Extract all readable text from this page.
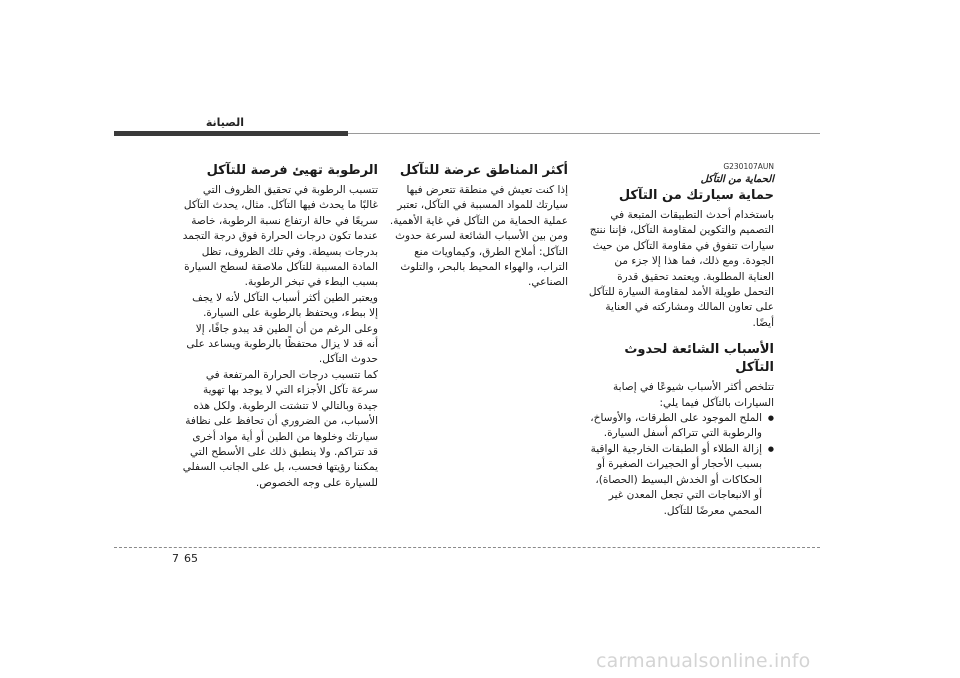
الصيانة
G230107AUN
الحماية من التآكل
حماية سيارتك من التآكل

باستخدام أحدث التطبيقات المتبعة في التصميم والتكوين لمقاومة التآكل، فإننا ننتج سيارات تتفوق في مقاومة التآكل من حيث الجودة. ومع ذلك، فما هذا إلا جزء من العناية المطلوبة. ويعتمد تحقيق قدرة التحمل طويلة الأمد لمقاومة السيارة للتآكل على تعاون المالك ومشاركته في العناية أيضًا.

الأسباب الشائعة لحدوث التآكل

تتلخص أكثر الأسباب شيوعًا في إصابة السيارات بالتآكل فيما يلي:

● الملح الموجود على الطرقات، والأوساخ، والرطوبة التي تتراكم أسفل السيارة.
● إزالة الطلاء أو الطبقات الخارجية الواقية بسبب الأحجار أو الحجيرات الصغيرة أو الحكاكات أو الخدش البسيط (الحصاة)، أو الانبعاجات التي تجعل المعدن غير المحمي معرضًا للتآكل.
أكثر المناطق عرضة للتآكل

إذا كنت تعيش في منطقة تتعرض فيها سيارتك للمواد المسببة في التآكل، تعتبر عملية الحماية من التآكل في غاية الأهمية. ومن بين الأسباب الشائعة لسرعة حدوث التآكل: أملاح الطرق، وكيماويات منع التراب، والهواء المحيط بالبحر، والتلوث الصناعي.

الرطوبة تهيئ فرصة للتآكل

تتسبب الرطوبة في تحقيق الظروف التي غالبًا ما يحدث فيها التآكل. مثال، يحدث التآكل سريعًا في حالة ارتفاع نسبة الرطوبة، خاصة عندما تكون درجات الحرارة فوق درجة التجمد بدرجات بسيطة. وفي تلك الظروف، تظل المادة المسببة للتآكل ملاصقة لسطح السيارة بسبب البطء في تبخر الرطوبة.

ويعتبر الطين أكثر أسباب التآكل لأنه لا يجف إلا ببطء، ويحتفظ بالرطوبة على السيارة. وعلى الرغم من أن الطين قد يبدو جافًا، إلا أنه قد لا يزال محتفظًا بالرطوبة ويساعد على حدوث التآكل.

كما تتسبب درجات الحرارة المرتفعة في سرعة تآكل الأجزاء التي لا يوجد بها تهوية جيدة وبالتالي لا تتشتت الرطوبة. ولكل هذه الأسباب، من الضروري أن تحافظ على نظافة سيارتك وخلوها من الطين أو أية مواد أخرى قد تتراكم. ولا ينطبق ذلك على الأسطح التي يمكننا رؤيتها فحسب، بل على الجانب السفلي للسيارة على وجه الخصوص.

7 65
carmanualsonline.info
